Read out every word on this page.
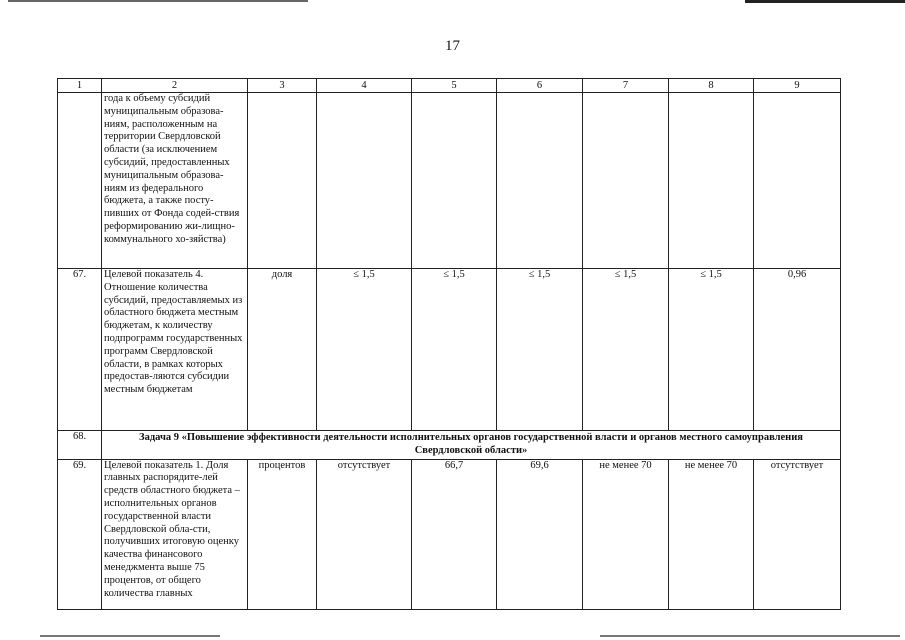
17
1	2	3	4	5	6	7	8	9
	года к объему субсидий муниципальным образова-ниям, расположенным на территории Свердловской области (за исключением субсидий, предоставленных муниципальным образова-ниям из федерального бюджета, а также посту-пивших от Фонда содей-ствия реформированию жи-лищно-коммунального хо-зяйства)							
67.	Целевой показатель 4. Отношение количества субсидий, предоставляемых из областного бюджета местным бюджетам, к количеству подпрограмм государственных программ Свердловской области, в рамках которых предостав-ляются субсидии местным бюджетам	доля	≤ 1,5	≤ 1,5	≤ 1,5	≤ 1,5	≤ 1,5	0,96
68.	Задача 9 «Повышение эффективности деятельности исполнительных органов государственной власти и органов местного самоуправления Свердловской области»							
69.	Целевой показатель 1. Доля главных распорядите-лей средств областного бюджета – исполнительных органов государственной власти Свердловской обла-сти, получивших итоговую оценку качества финансового менеджмента выше 75 процентов, от общего количества главных	процентов	отсутствует	66,7	69,6	не менее 70	не менее 70	отсутствует
